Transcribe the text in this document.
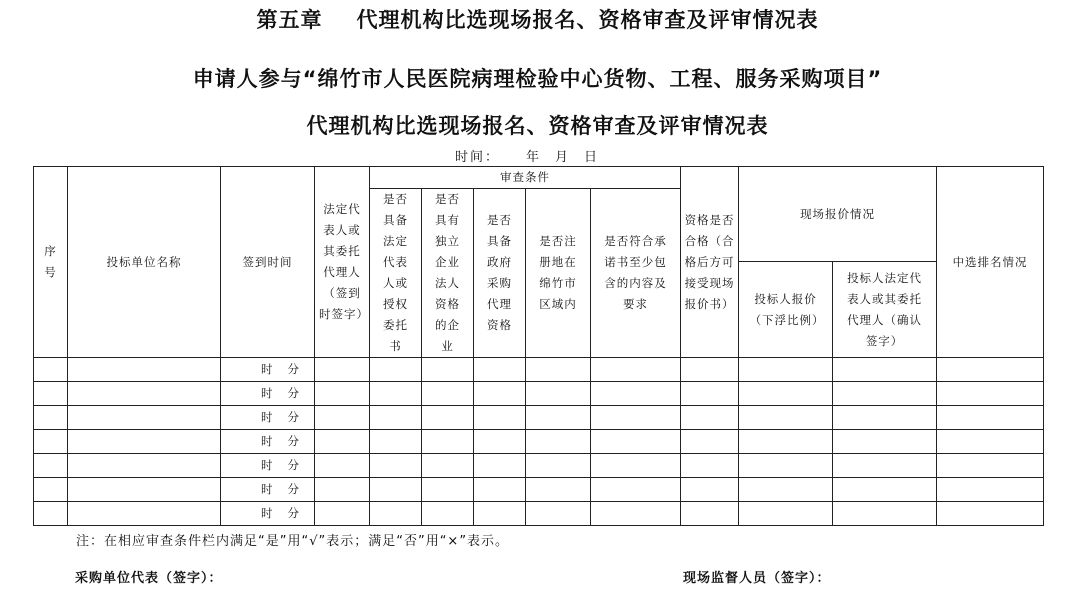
第五章 代理机构比选现场报名、资格审查及评审情况表
申请人参与“绵竹市人民医院病理检验中心货物、工程、服务采购项目”
代理机构比选现场报名、资格审查及评审情况表
时间： 年 月 日
序号	投标单位名称	签到时间	法定代表人或其委托代理人（签到时签字）	审查条件					资格是否合格（合格后方可接受现场报价书）	现场报价情况		中选排名情况
				是否具备法定代表人或授权委托书	是否具有独立企业法人资格的企业	是否具备政府采购代理资格	是否注册地在绵竹市区域内	是否符合承诺书至少包含的内容及要求				
										投标人报价（下浮比例）	投标人法定代表人或其委托代理人（确认签字）	
		时 分										
		时 分										
		时 分										
		时 分										
		时 分										
		时 分										
		时 分										
注：在相应审查条件栏内满足“是”用“√”表示；满足“否”用“×”表示。
采购单位代表（签字）：	现场监督人员（签字）：
